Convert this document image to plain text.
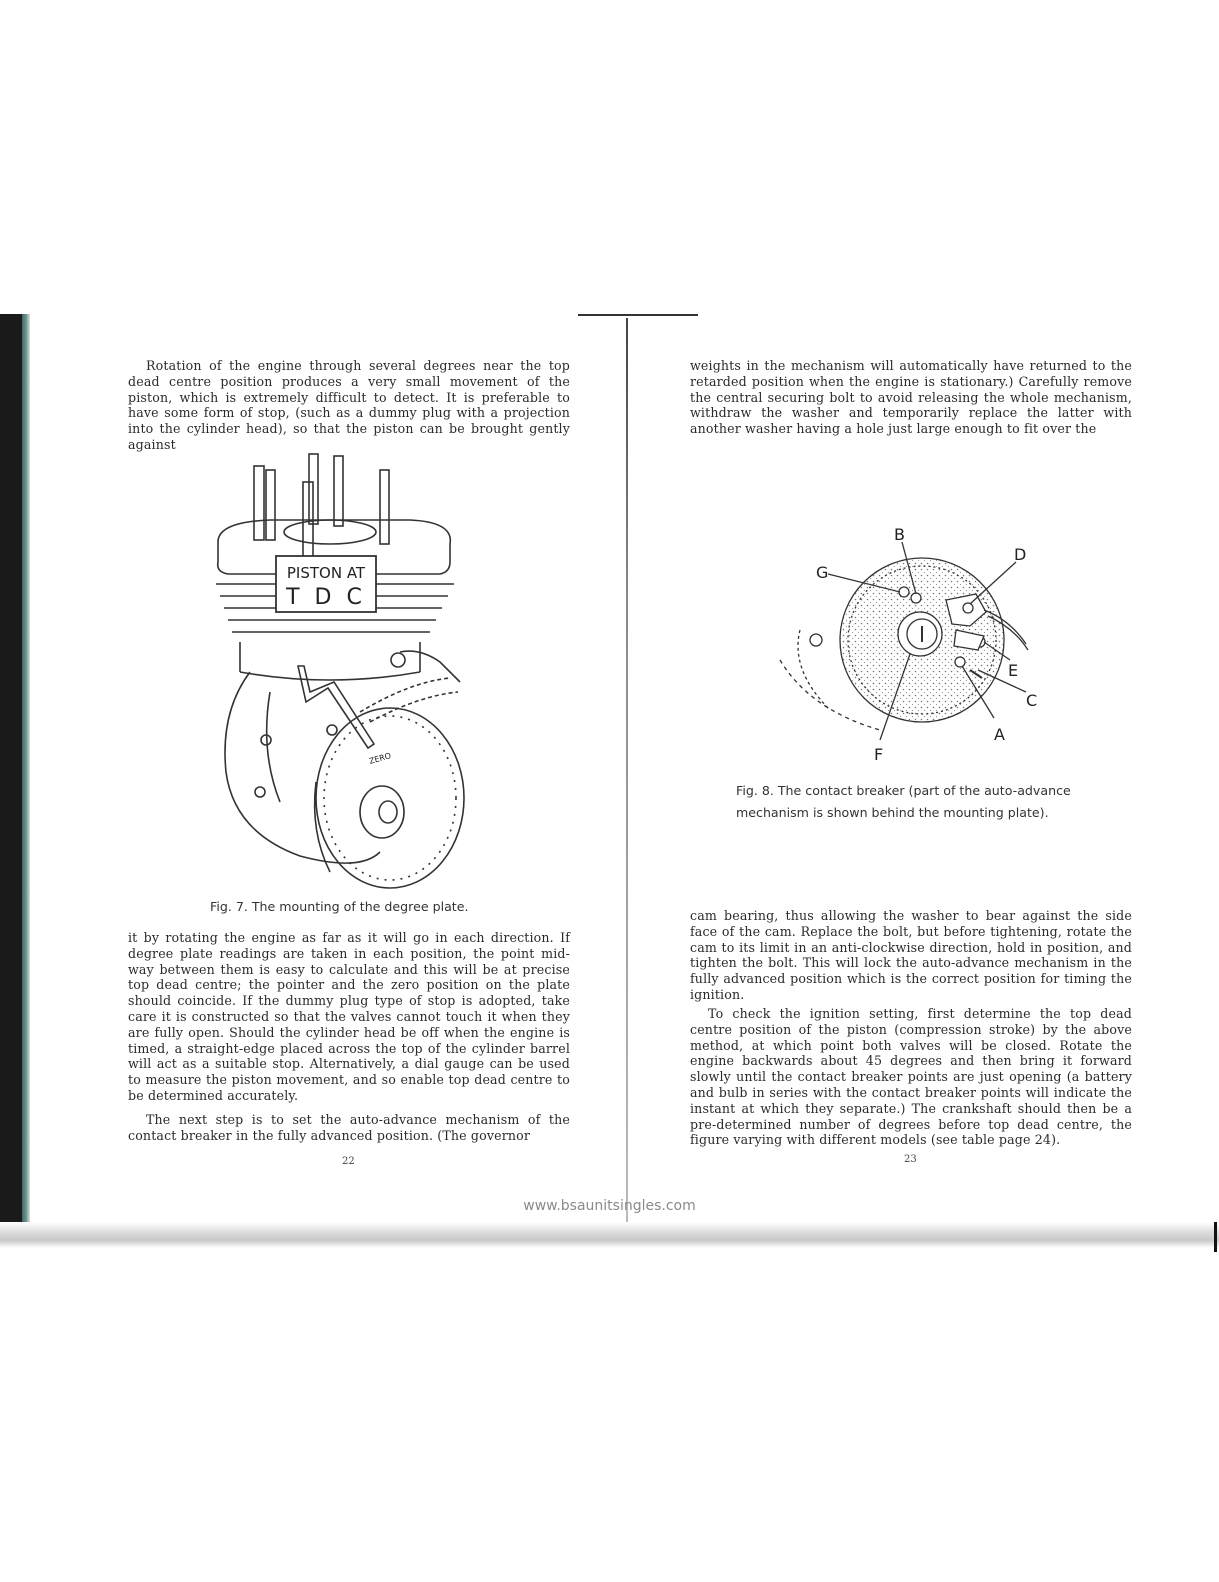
Rotation of the engine through several degrees near the top dead centre position produces a very small movement of the piston, which is extremely difficult to detect. It is preferable to have some form of stop, (such as a dummy plug with a projection into the cylinder head), so that the piston can be brought gently against

PISTON AT
T D C
ZERO
Fig. 7. The mounting of the degree plate.

it by rotating the engine as far as it will go in each direction. If degree plate readings are taken in each position, the point mid-way between them is easy to calculate and this will be at precise top dead centre; the pointer and the zero position on the plate should coincide. If the dummy plug type of stop is adopted, take care it is constructed so that the valves cannot touch it when they are fully open. Should the cylinder head be off when the engine is timed, a straight-edge placed across the top of the cylinder barrel will act as a suitable stop. Alternatively, a dial gauge can be used to measure the piston movement, and so enable top dead centre to be determined accurately.

The next step is to set the auto-advance mechanism of the contact breaker in the fully advanced position. (The governor

22

weights in the mechanism will automatically have returned to the retarded position when the engine is stationary.) Carefully remove the central securing bolt to avoid releasing the whole mechanism, withdraw the washer and temporarily replace the latter with another washer having a hole just large enough to fit over the

B
G
D
E
C
A
F
Fig. 8. The contact breaker (part of the auto-advance
mechanism is shown behind the mounting plate).

cam bearing, thus allowing the washer to bear against the side face of the cam. Replace the bolt, but before tightening, rotate the cam to its limit in an anti-clockwise direction, hold in position, and tighten the bolt. This will lock the auto-advance mechanism in the fully advanced position which is the correct position for timing the ignition.

To check the ignition setting, first determine the top dead centre position of the piston (compression stroke) by the above method, at which point both valves will be closed. Rotate the engine backwards about 45 degrees and then bring it forward slowly until the contact breaker points are just opening (a battery and bulb in series with the contact breaker points will indicate the instant at which they separate.) The crankshaft should then be a pre-determined number of degrees before top dead centre, the figure varying with different models (see table page 24).

23
www.bsaunitsingles.com
